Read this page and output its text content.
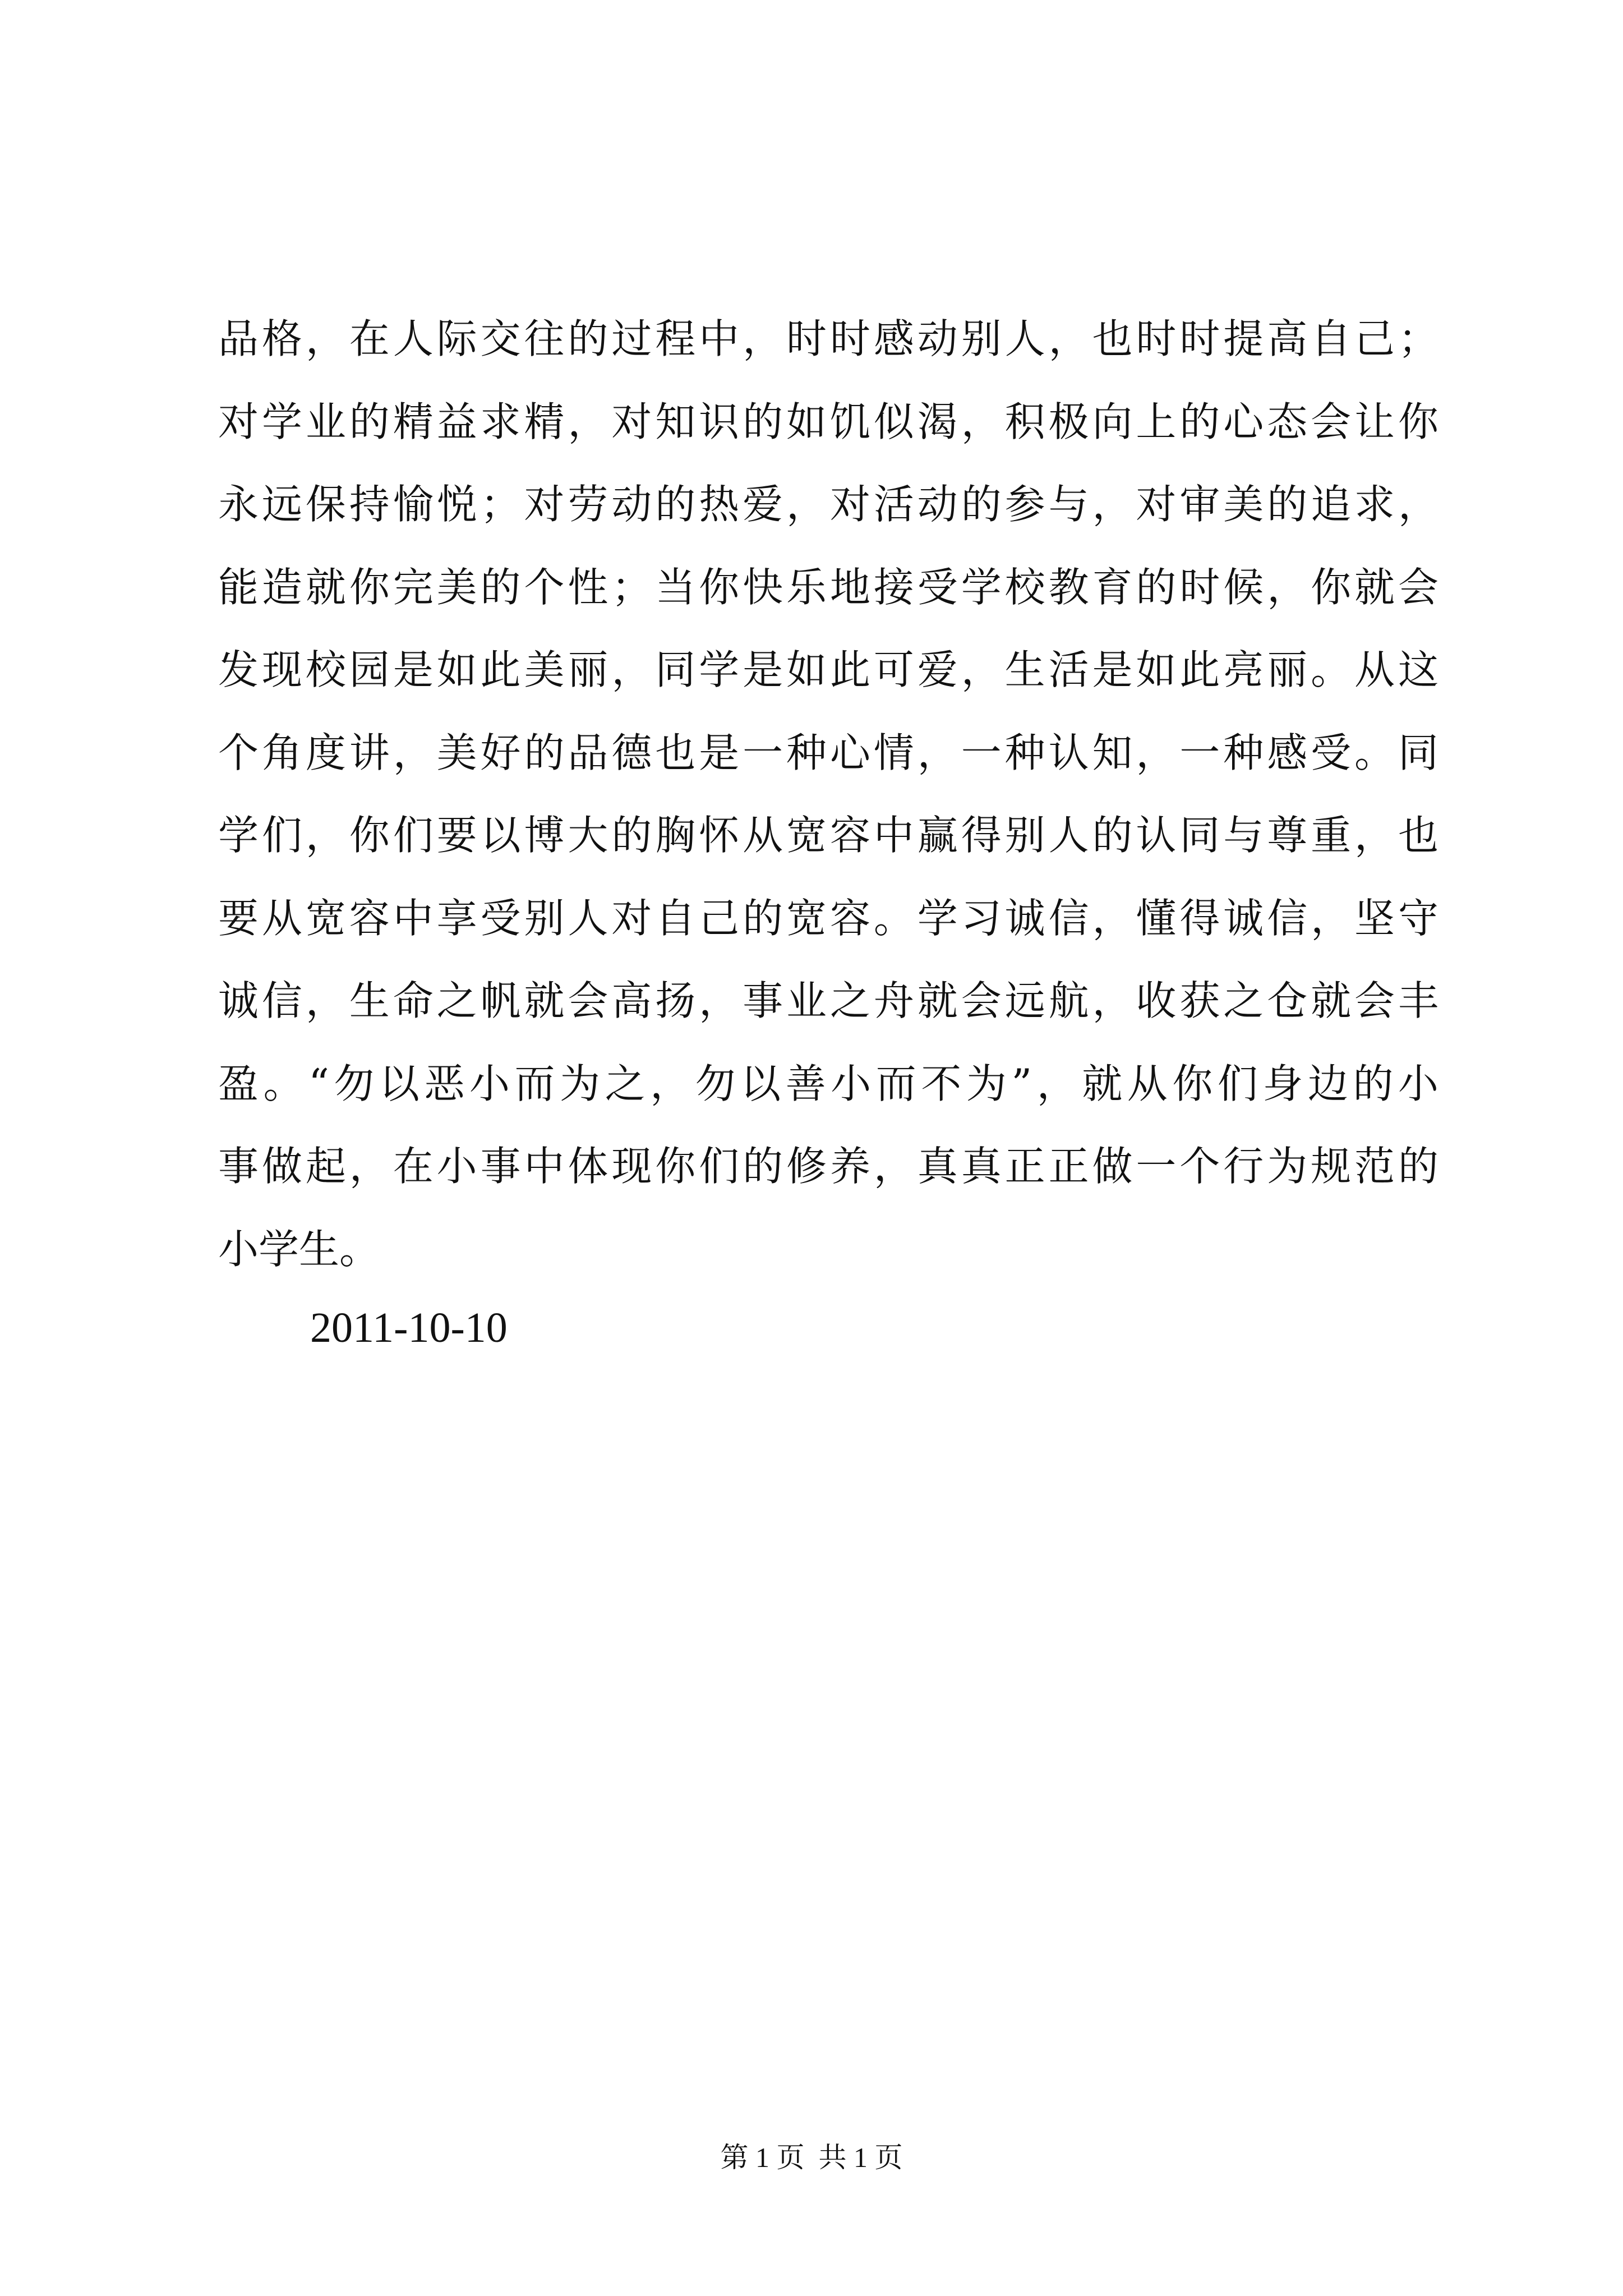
品格，在人际交往的过程中，时时感动别人，也时时提高自己；
对学业的精益求精，对知识的如饥似渴，积极向上的心态会让你
永远保持愉悦；对劳动的热爱，对活动的参与，对审美的追求，
能造就你完美的个性；当你快乐地接受学校教育的时候，你就会
发现校园是如此美丽，同学是如此可爱，生活是如此亮丽。从这
个角度讲，美好的品德也是一种心情，一种认知，一种感受。同
学们，你们要以博大的胸怀从宽容中赢得别人的认同与尊重，也
要从宽容中享受别人对自己的宽容。学习诚信，懂得诚信，坚守
诚信，生命之帆就会高扬，事业之舟就会远航，收获之仓就会丰
盈。“勿以恶小而为之，勿以善小而不为”，就从你们身边的小
事做起，在小事中体现你们的修养，真真正正做一个行为规范的
小学生。
2011-10-10
第 1 页  共 1 页
